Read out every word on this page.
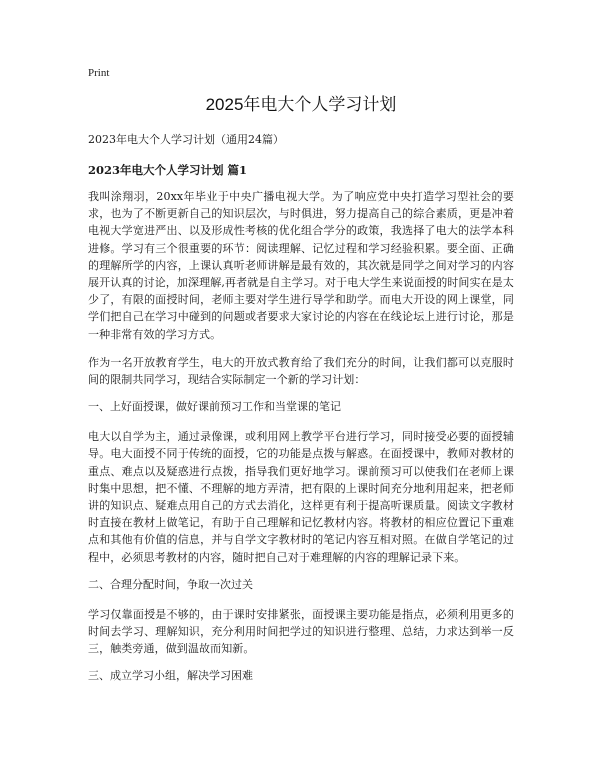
Print
2025年电大个人学习计划
2023年电大个人学习计划（通用24篇）
2023年电大个人学习计划 篇1

我叫涂翔羽，20xx年毕业于中央广播电视大学。为了响应党中央打造学习型社会的要求，也为了不断更新自己的知识层次，与时俱进，努力提高自己的综合素质，更是冲着电视大学宽进严出、以及形成性考核的优化组合学分的政策，我选择了电大的法学本科进修。学习有三个很重要的环节：阅读理解、记忆过程和学习经验积累。要全面、正确的理解所学的内容，上课认真听老师讲解是最有效的，其次就是同学之间对学习的内容展开认真的讨论，加深理解,再者就是自主学习。对于电大学生来说面授的时间实在是太少了，有限的面授时间，老师主要对学生进行导学和助学。而电大开设的网上课堂，同学们把自己在学习中碰到的问题或者要求大家讨论的内容在在线论坛上进行讨论，那是一种非常有效的学习方式。

作为一名开放教育学生，电大的开放式教育给了我们充分的时间，让我们都可以克服时间的限制共同学习，现结合实际制定一个新的学习计划：

一、上好面授课，做好课前预习工作和当堂课的笔记

电大以自学为主，通过录像课，或利用网上教学平台进行学习，同时接受必要的面授辅导。电大面授不同于传统的面授，它的功能是点拨与解惑。在面授课中，教师对教材的重点、难点以及疑惑进行点拨，指导我们更好地学习。课前预习可以使我们在老师上课时集中思想，把不懂、不理解的地方弄清，把有限的上课时间充分地利用起来，把老师讲的知识点、疑难点用自己的方式去消化，这样更有利于提高听课质量。阅读文字教材时直接在教材上做笔记，有助于自己理解和记忆教材内容。将教材的相应位置记下重难点和其他有价值的信息，并与自学文字教材时的笔记内容互相对照。在做自学笔记的过程中，必须思考教材的内容，随时把自己对于难理解的内容的理解记录下来。

二、合理分配时间，争取一次过关

学习仅靠面授是不够的，由于课时安排紧张，面授课主要功能是指点，必须利用更多的时间去学习、理解知识，充分利用时间把学过的知识进行整理、总结，力求达到举一反三，触类旁通，做到温故而知新。

三、成立学习小组，解决学习困难
